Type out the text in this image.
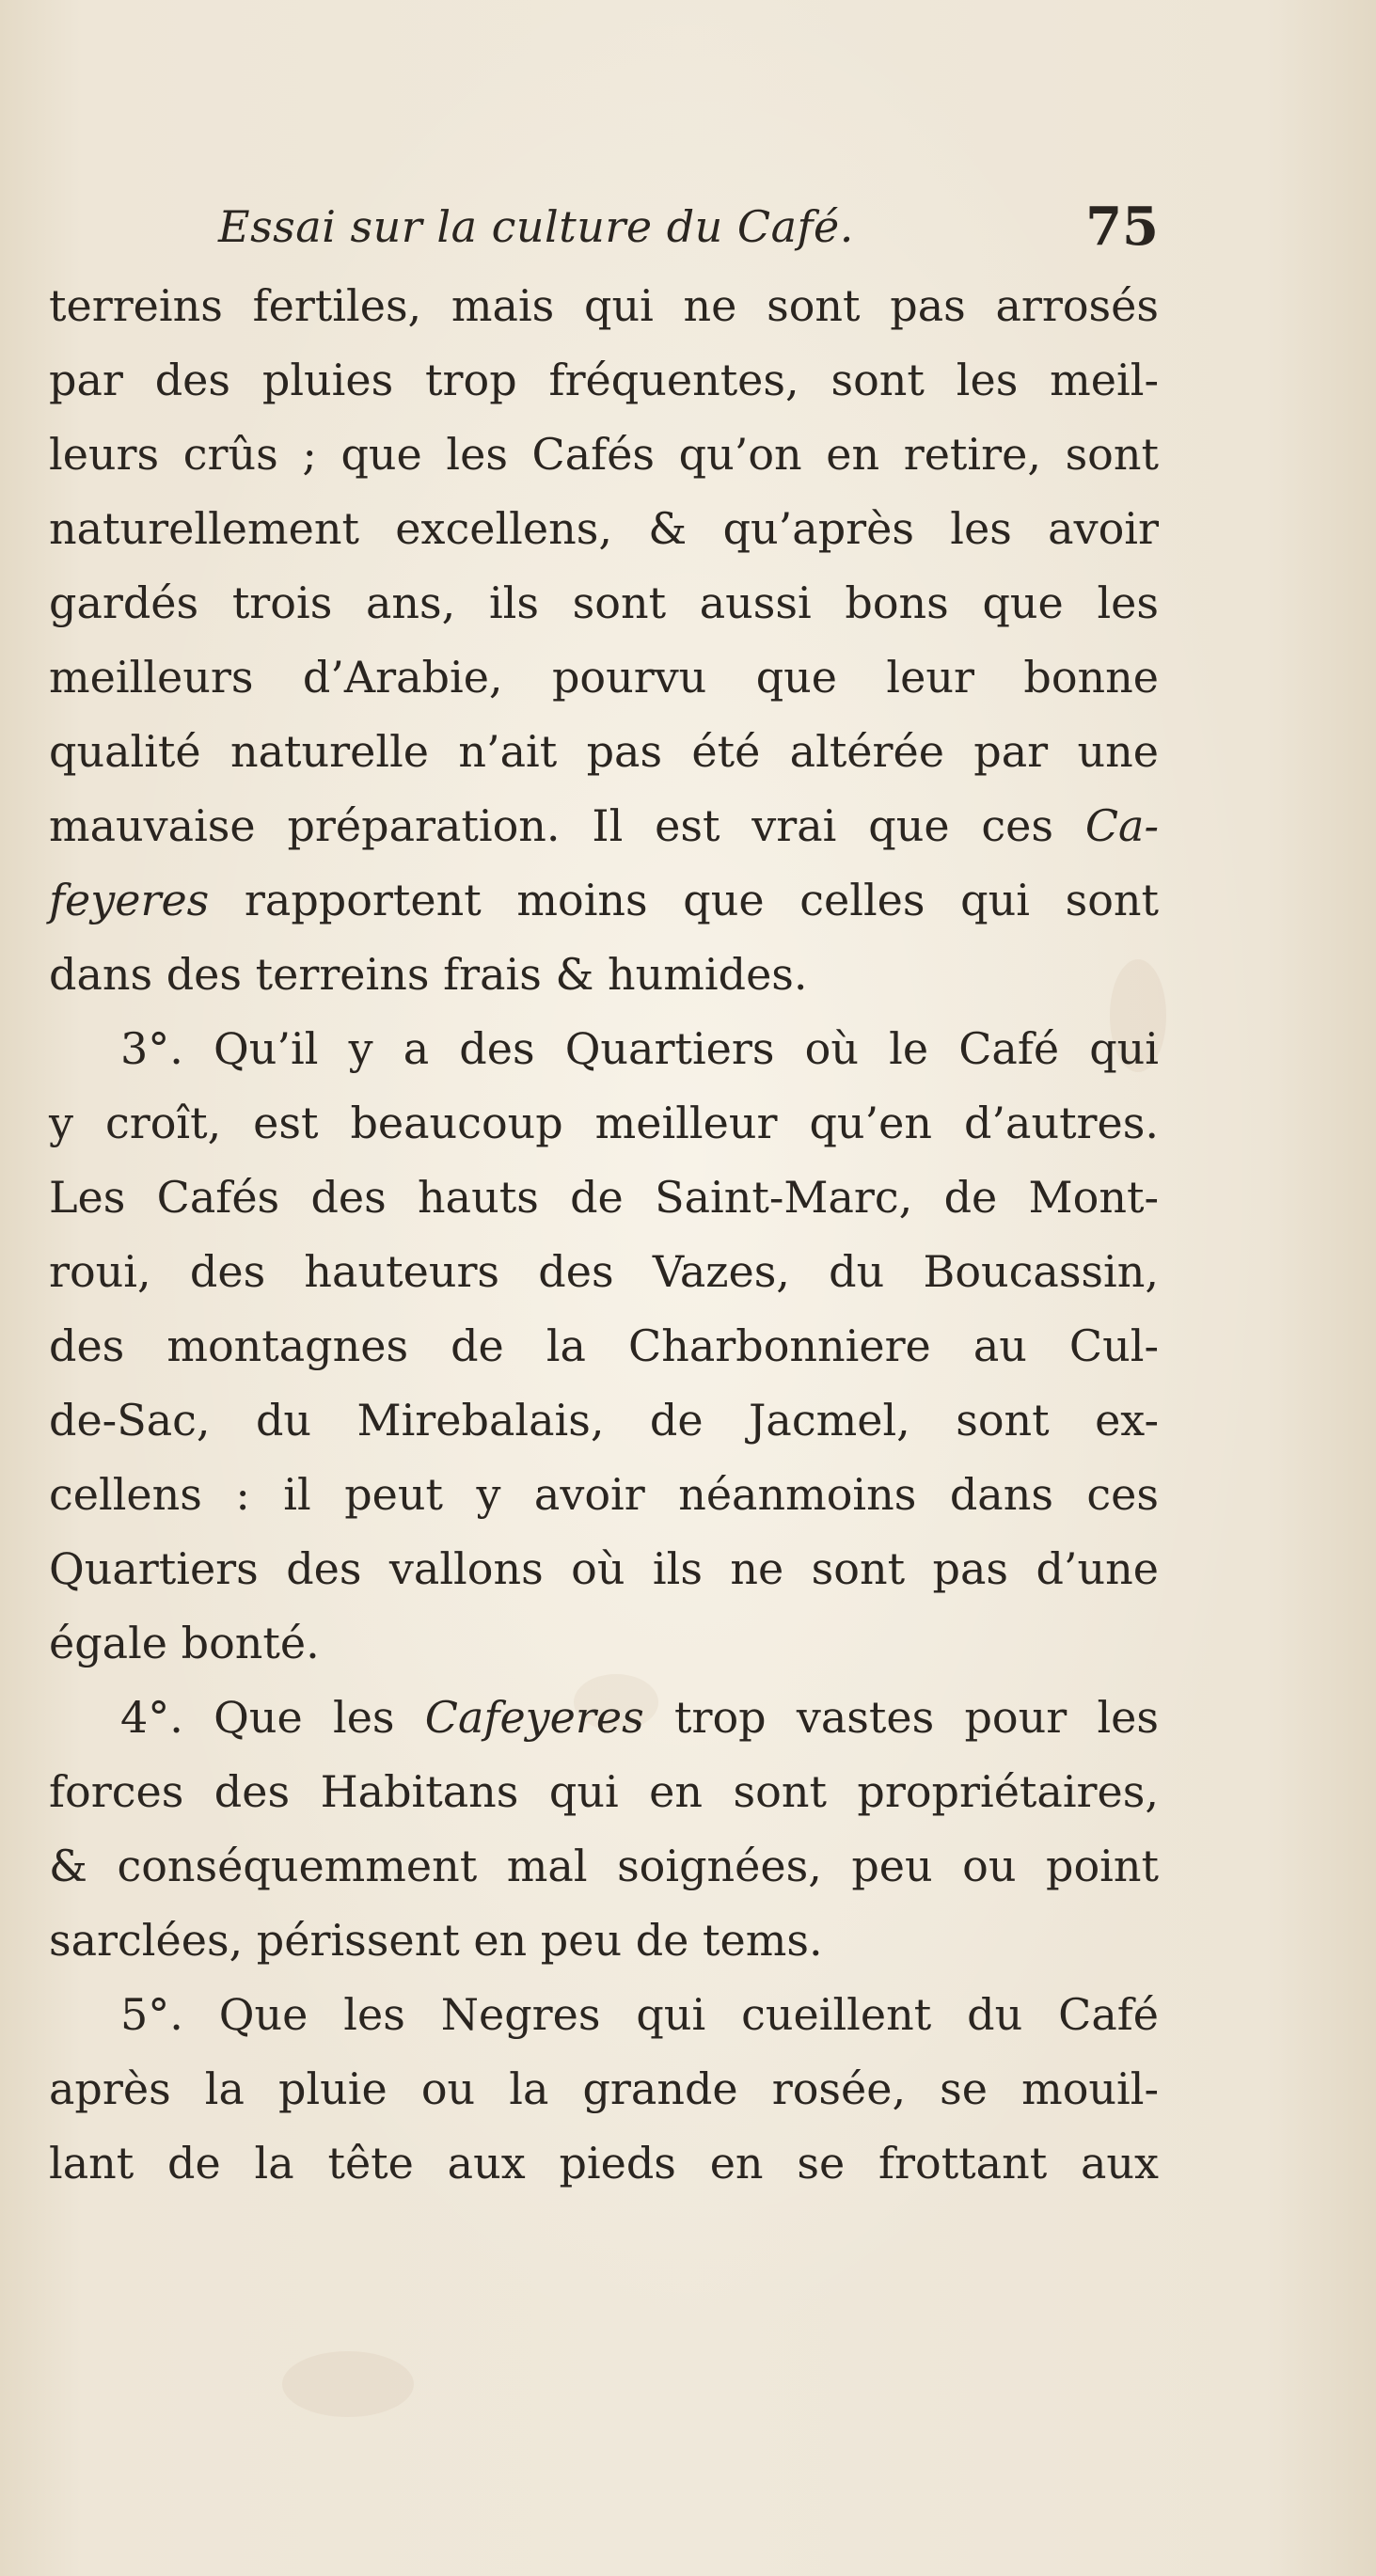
Essai sur la culture du Café.	75
terreins fertiles, mais qui ne sont pas arrosés
par des pluies trop fréquentes, sont les meil-
leurs crûs ; que les Cafés qu’on en retire, sont
naturellement excellens, & qu’après les avoir
gardés trois ans, ils sont aussi bons que les
meilleurs d’Arabie, pourvu que leur bonne
qualité naturelle n’ait pas été altérée par une
mauvaise préparation. Il est vrai que ces Ca-
feyeres rapportent moins que celles qui sont
dans des terreins frais & humides.
3°. Qu’il y a des Quartiers où le Café qui
y croît, est beaucoup meilleur qu’en d’autres.
Les Cafés des hauts de Saint-Marc, de Mont-
roui, des hauteurs des Vazes, du Boucassin,
des montagnes de la Charbonniere au Cul-
de-Sac, du Mirebalais, de Jacmel, sont ex-
cellens : il peut y avoir néanmoins dans ces
Quartiers des vallons où ils ne sont pas d’une
égale bonté.
4°. Que les Cafeyeres trop vastes pour les
forces des Habitans qui en sont propriétaires,
& conséquemment mal soignées, peu ou point
sarclées, périssent en peu de tems.
5°. Que les Negres qui cueillent du Café
après la pluie ou la grande rosée, se mouil-
lant de la tête aux pieds en se frottant aux
